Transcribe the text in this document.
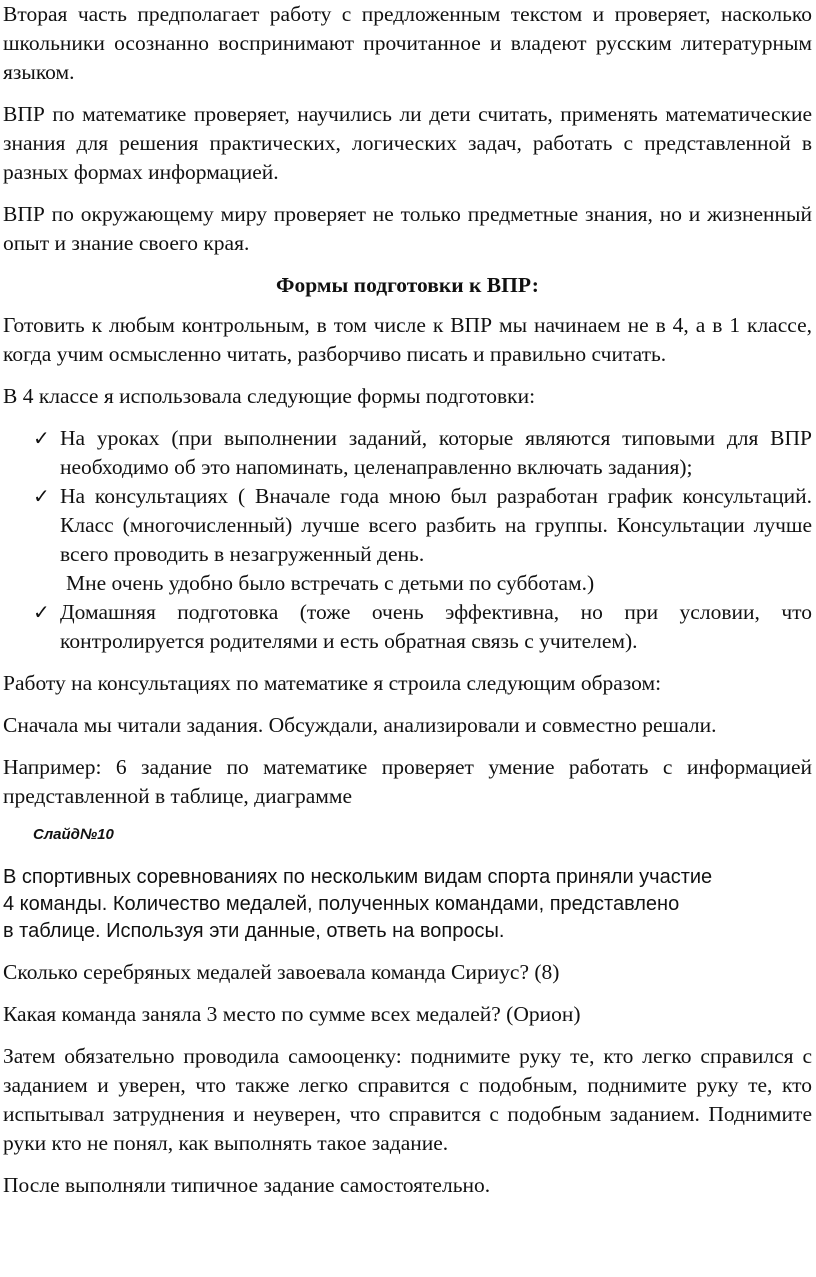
Вторая часть предполагает работу с предложенным текстом и проверяет, насколько школьники осознанно воспринимают прочитанное и владеют русским литературным языком.

ВПР по математике проверяет, научились ли дети считать, применять математические знания для решения практических, логических задач, работать с представленной в разных формах информацией.

ВПР по окружающему миру проверяет не только предметные знания, но и жизненный опыт и знание своего края.

Формы подготовки к ВПР:

Готовить к любым контрольным, в том числе к ВПР мы начинаем не в 4, а в 1 классе, когда учим осмысленно читать, разборчиво писать и правильно считать.

В 4 классе я использовала следующие формы подготовки:

✓ На уроках (при выполнении заданий, которые являются типовыми для ВПР необходимо об это напоминать, целенаправленно включать задания);
✓ На консультациях ( Вначале года мною был разработан график консультаций. Класс (многочисленный) лучше всего разбить на группы. Консультации лучше всего проводить в незагруженный день.
Мне очень удобно было встречать с детьми по субботам.)
✓ Домашняя подготовка (тоже очень эффективна, но при условии, что контролируется родителями и есть обратная связь с учителем).

Работу на консультациях по математике я строила следующим образом:

Сначала мы читали задания. Обсуждали, анализировали и совместно решали.

Например: 6 задание по математике проверяет умение работать с информацией представленной в таблице, диаграмме

Слайд№10
В спортивных соревнованиях по нескольким видам спорта приняли участие
4 команды. Количество медалей, полученных командами, представлено
в таблице. Используя эти данные, ответь на вопросы.

Сколько серебряных медалей завоевала команда Сириус? (8)

Какая команда заняла 3 место по сумме всех медалей? (Орион)

Затем обязательно проводила самооценку: поднимите руку те, кто легко справился с заданием и уверен, что также легко справится с подобным, поднимите руку те, кто испытывал затруднения и неуверен, что справится с подобным заданием. Поднимите руки кто не понял, как выполнять такое задание.

После выполняли типичное задание самостоятельно.
